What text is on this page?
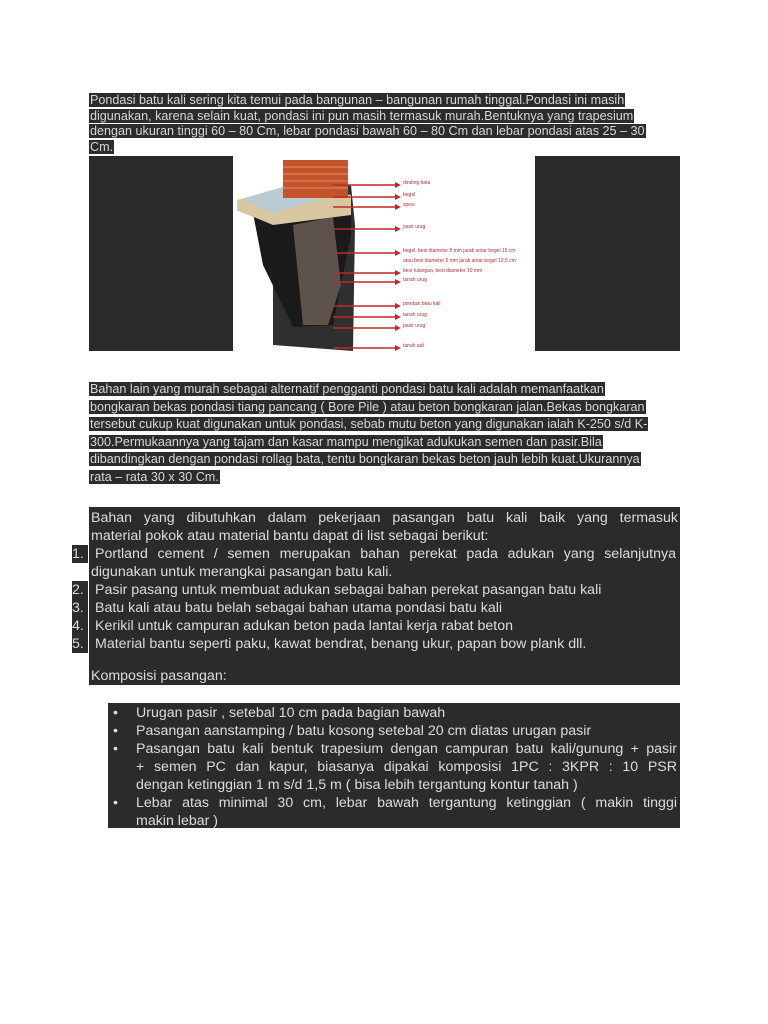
Pondasi batu kali sering kita temui pada bangunan – bangunan rumah tinggal.Pondasi ini masih
digunakan, karena selain kuat, pondasi ini pun masih termasuk murah.Bentuknya yang trapesium
dengan ukuran tinggi 60 – 80 Cm, lebar pondasi bawah 60 – 80 Cm dan lebar pondasi atas 25 – 30
Cm.
dinding bata
begel
spesi
pasir urug
begel, besi diameter 8 mm jarak antar begel 15 cm
atau besi diameter 6 mm jarak antar begel 12,5 cm
besi tulangan, besi diameter 10 mm
tanah urug
pondasi batu kali
tanah urug
pasir urug
tanah asli
Bahan lain yang murah sebagai alternatif pengganti pondasi batu kali adalah memanfaatkan
bongkaran bekas pondasi tiang pancang ( Bore Pile ) atau beton bongkaran jalan.Bekas bongkaran
tersebut cukup kuat digunakan untuk pondasi, sebab mutu beton yang digunakan ialah K-250 s/d K-
300.Permukaannya yang tajam dan kasar mampu mengikat adukukan semen dan pasir.Bila
dibandingkan dengan pondasi rollag bata, tentu bongkaran bekas beton jauh lebih kuat.Ukurannya
rata – rata 30 x 30 Cm.
Bahan yang dibutuhkan dalam pekerjaan pasangan batu kali baik yang termasuk
material pokok atau material bantu dapat di list sebagai berikut:
1. Portland cement / semen merupakan bahan perekat pada adukan yang selanjutnya
digunakan untuk merangkai pasangan batu kali.
2. Pasir pasang untuk membuat adukan sebagai bahan perekat pasangan batu kali
3. Batu kali atau batu belah sebagai bahan utama pondasi batu kali
4. Kerikil untuk campuran adukan beton pada lantai kerja rabat beton
5. Material bantu seperti paku, kawat bendrat, benang ukur, papan bow plank dll.
Komposisi pasangan:
• Urugan pasir , setebal 10 cm pada bagian bawah
• Pasangan aanstamping / batu kosong setebal 20 cm diatas urugan pasir
• Pasangan batu kali bentuk trapesium dengan campuran batu kali/gunung + pasir
+ semen PC dan kapur, biasanya dipakai komposisi 1PC : 3KPR : 10 PSR
dengan ketinggian 1 m s/d 1,5 m ( bisa lebih tergantung kontur tanah )
• Lebar atas minimal 30 cm, lebar bawah tergantung ketinggian ( makin tinggi
makin lebar )
